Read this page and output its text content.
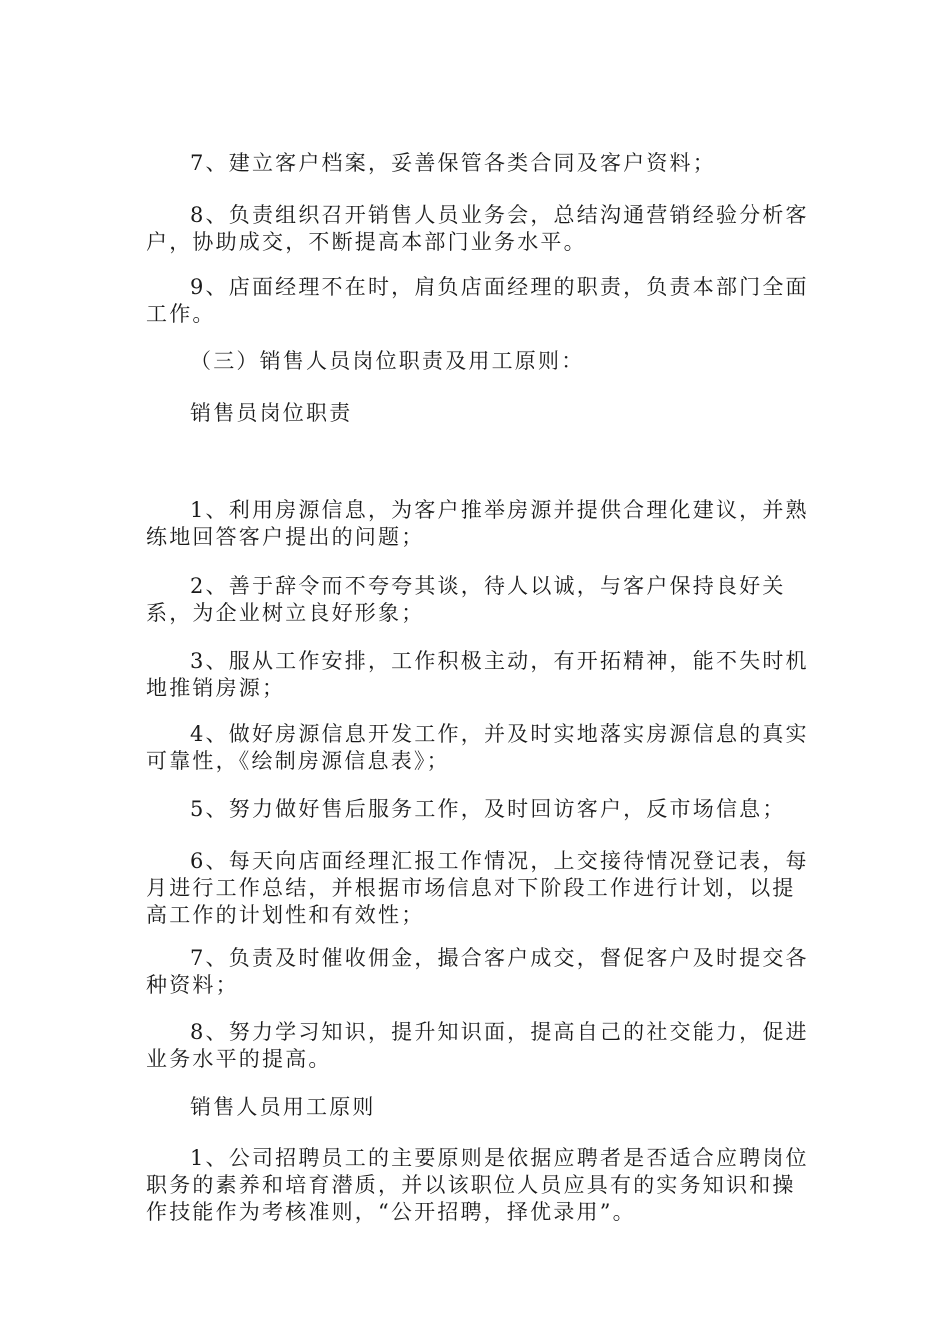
7、建立客户档案，妥善保管各类合同及客户资料；

8、负责组织召开销售人员业务会，总结沟通营销经验分析客户，协助成交，不断提高本部门业务水平。

9、店面经理不在时，肩负店面经理的职责，负责本部门全面工作。

（三）销售人员岗位职责及用工原则：

销售员岗位职责

1、利用房源信息，为客户推举房源并提供合理化建议，并熟练地回答客户提出的问题；

2、善于辞令而不夸夸其谈，待人以诚，与客户保持良好关系，为企业树立良好形象；

3、服从工作安排，工作积极主动，有开拓精神，能不失时机地推销房源；

4、做好房源信息开发工作，并及时实地落实房源信息的真实可靠性，《绘制房源信息表》；

5、努力做好售后服务工作，及时回访客户，反市场信息；

6、每天向店面经理汇报工作情况，上交接待情况登记表，每月进行工作总结，并根据市场信息对下阶段工作进行计划，以提高工作的计划性和有效性；

7、负责及时催收佣金，撮合客户成交，督促客户及时提交各种资料；

8、努力学习知识，提升知识面，提高自己的社交能力，促进业务水平的提高。

销售人员用工原则

1、公司招聘员工的主要原则是依据应聘者是否适合应聘岗位职务的素养和培育潜质，并以该职位人员应具有的实务知识和操作技能作为考核准则，“公开招聘，择优录用”。
